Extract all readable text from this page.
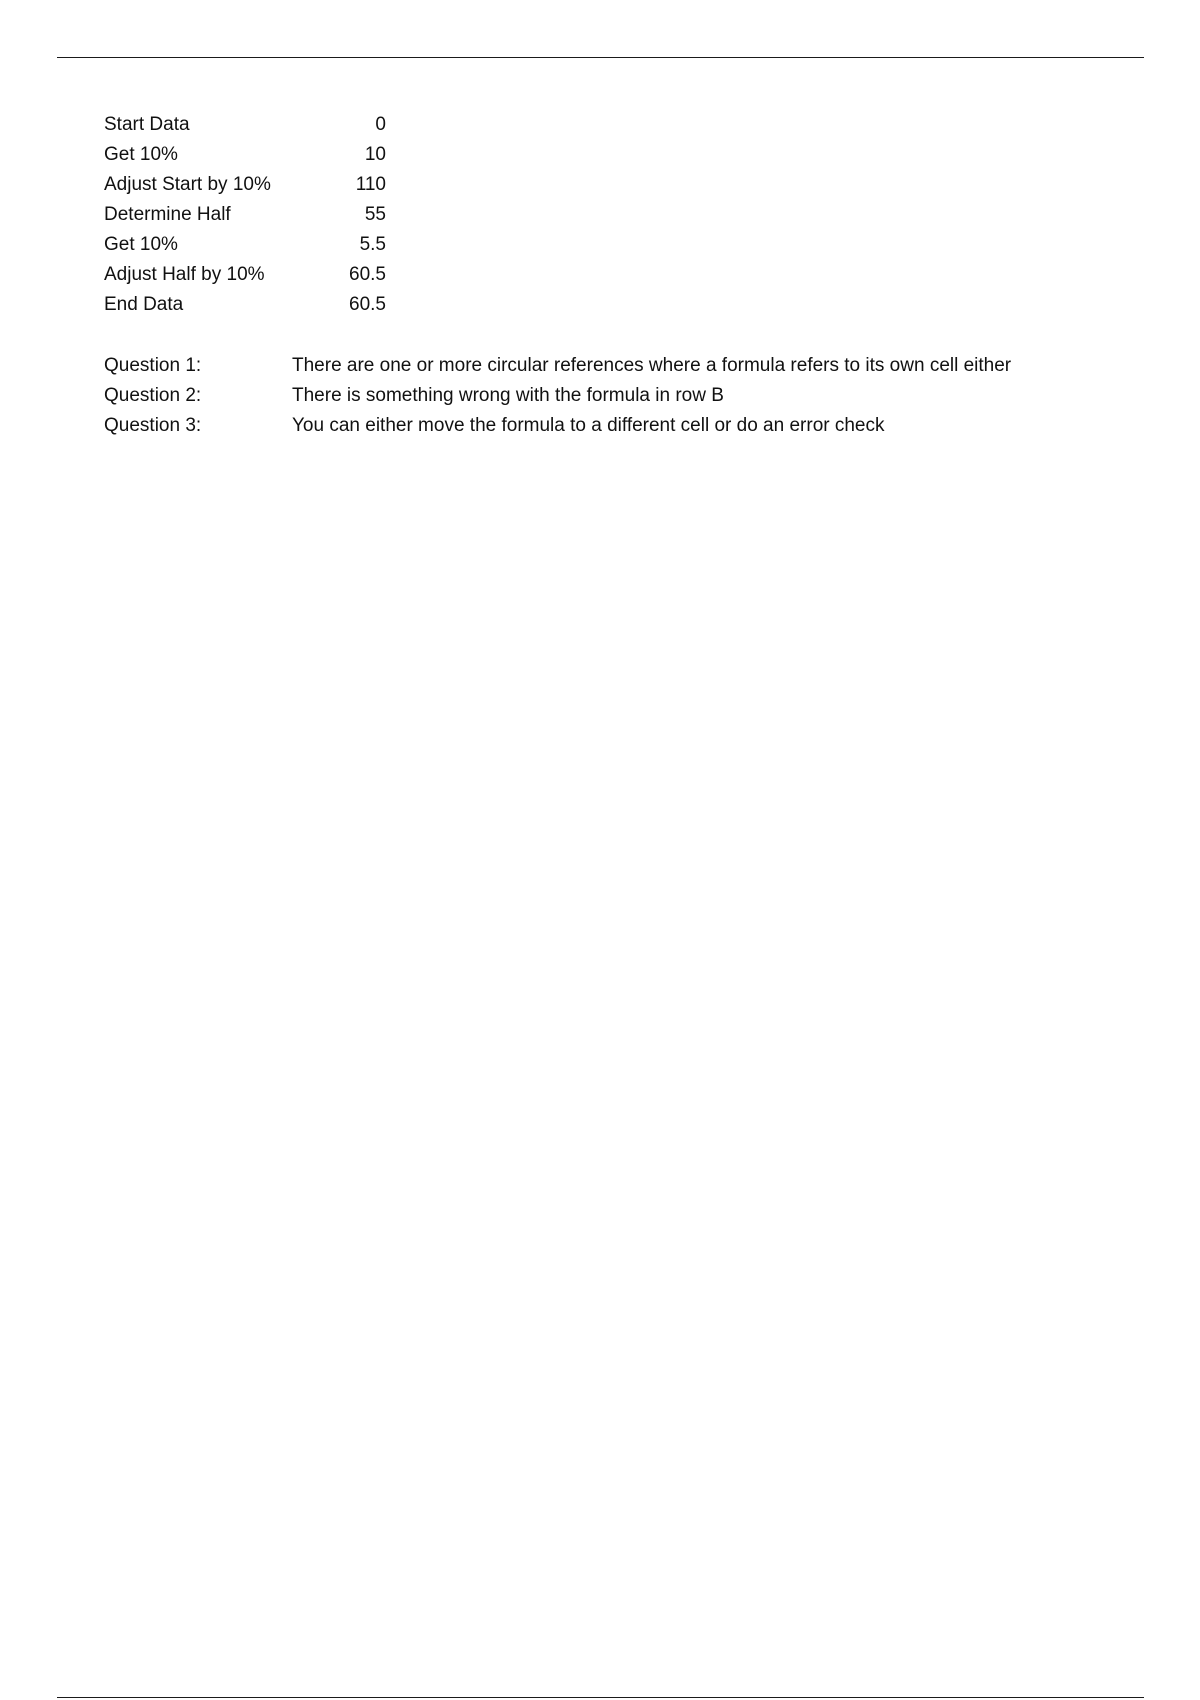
Start Data	0
Get 10%	10
Adjust Start by 10%	110
Determine Half	55
Get 10%	5.5
Adjust Half by 10%	60.5
End Data	60.5
Question 1:	There are one or more circular references where a formula refers to its own cell either
Question 2:	There is something wrong with the formula in row B
Question 3:	You can either move the formula to a different cell or do an error check
